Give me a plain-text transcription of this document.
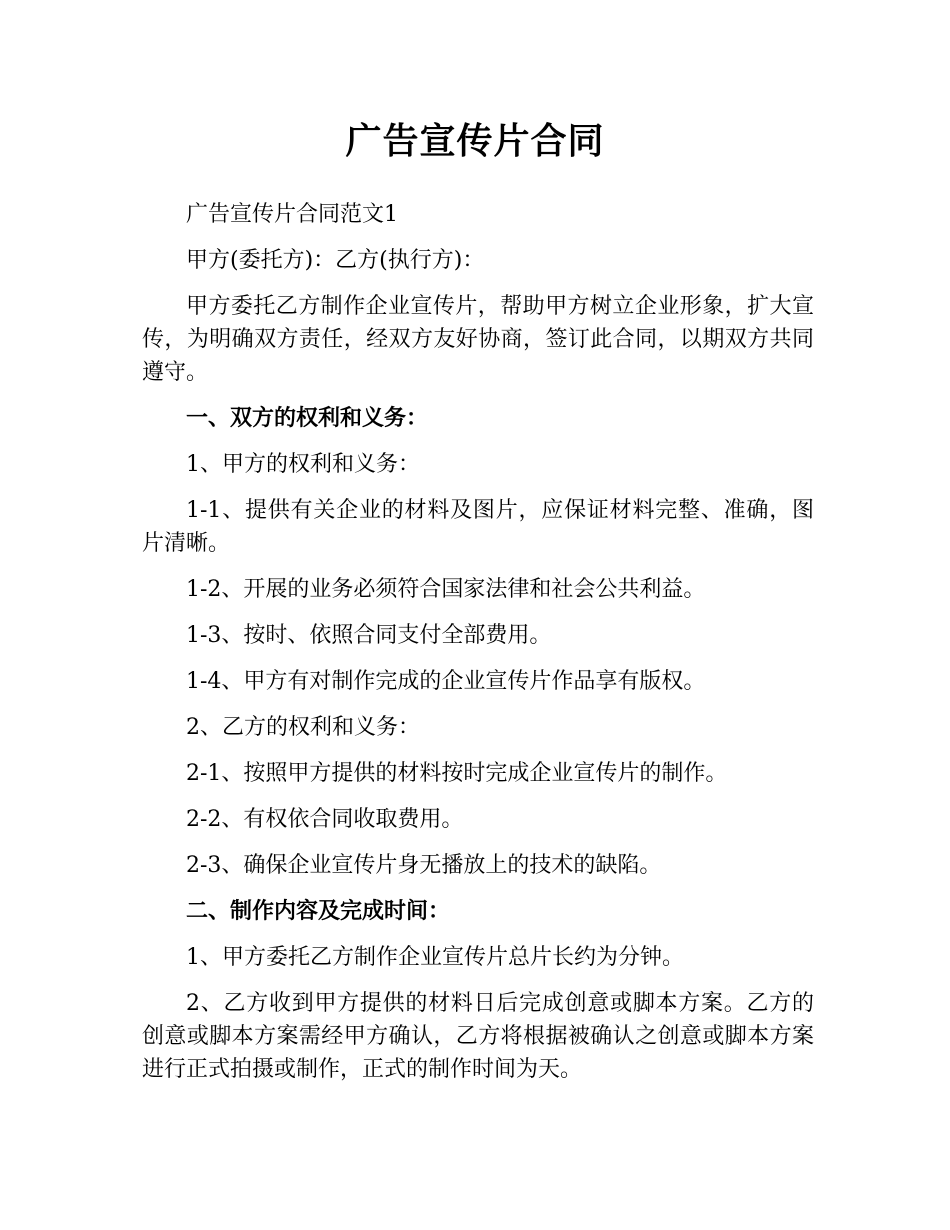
广告宣传片合同

广告宣传片合同范文1

甲方(委托方)：乙方(执行方)：

甲方委托乙方制作企业宣传片，帮助甲方树立企业形象，扩大宣传，为明确双方责任，经双方友好协商，签订此合同，以期双方共同遵守。

一、双方的权利和义务：

1、甲方的权利和义务：

1-1、提供有关企业的材料及图片，应保证材料完整、准确，图片清晰。

1-2、开展的业务必须符合国家法律和社会公共利益。

1-3、按时、依照合同支付全部费用。

1-4、甲方有对制作完成的企业宣传片作品享有版权。

2、乙方的权利和义务：

2-1、按照甲方提供的材料按时完成企业宣传片的制作。

2-2、有权依合同收取费用。

2-3、确保企业宣传片身无播放上的技术的缺陷。

二、制作内容及完成时间：

1、甲方委托乙方制作企业宣传片总片长约为分钟。

2、乙方收到甲方提供的材料日后完成创意或脚本方案。乙方的创意或脚本方案需经甲方确认，乙方将根据被确认之创意或脚本方案进行正式拍摄或制作，正式的制作时间为天。
